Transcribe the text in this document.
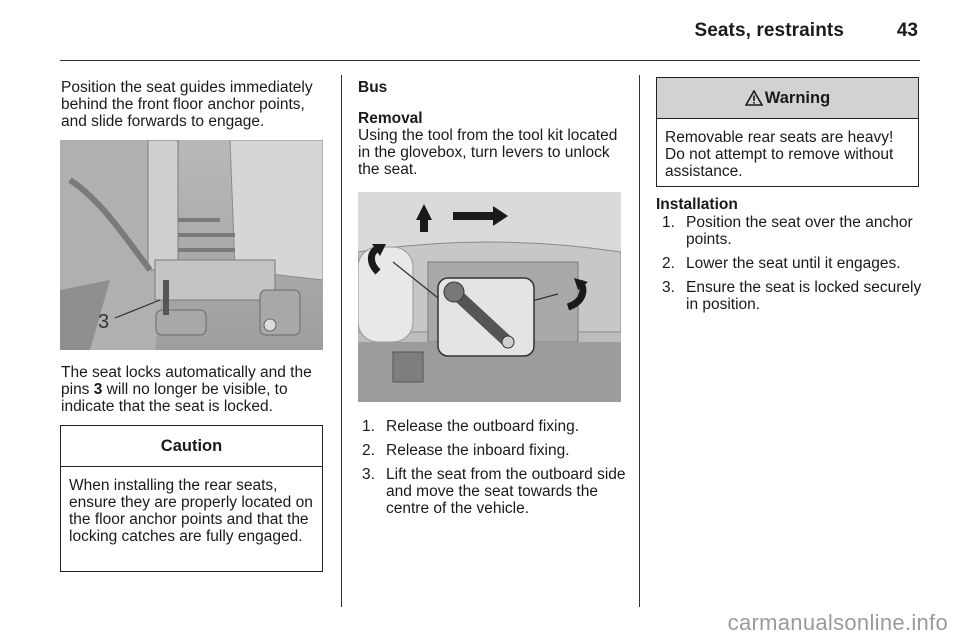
Seats, restraints	43

Position the seat guides immediately behind the front floor anchor points, and slide forwards to engage.

3

The seat locks automatically and the pins 3 will no longer be visible, to indicate that the seat is locked.

Caution
When installing the rear seats, ensure they are properly located on the floor anchor points and that the locking catches are fully engaged.

Bus

Removal

Using the tool from the tool kit located in the glovebox, turn levers to unlock the seat.

1. Release the outboard fixing.
2. Release the inboard fixing.
3. Lift the seat from the outboard side and move the seat towards the centre of the vehicle.
Warning
Removable rear seats are heavy! Do not attempt to remove without assistance.

Installation

1. Position the seat over the anchor points.
2. Lower the seat until it engages.
3. Ensure the seat is locked securely in position.
carmanualsonline.info
